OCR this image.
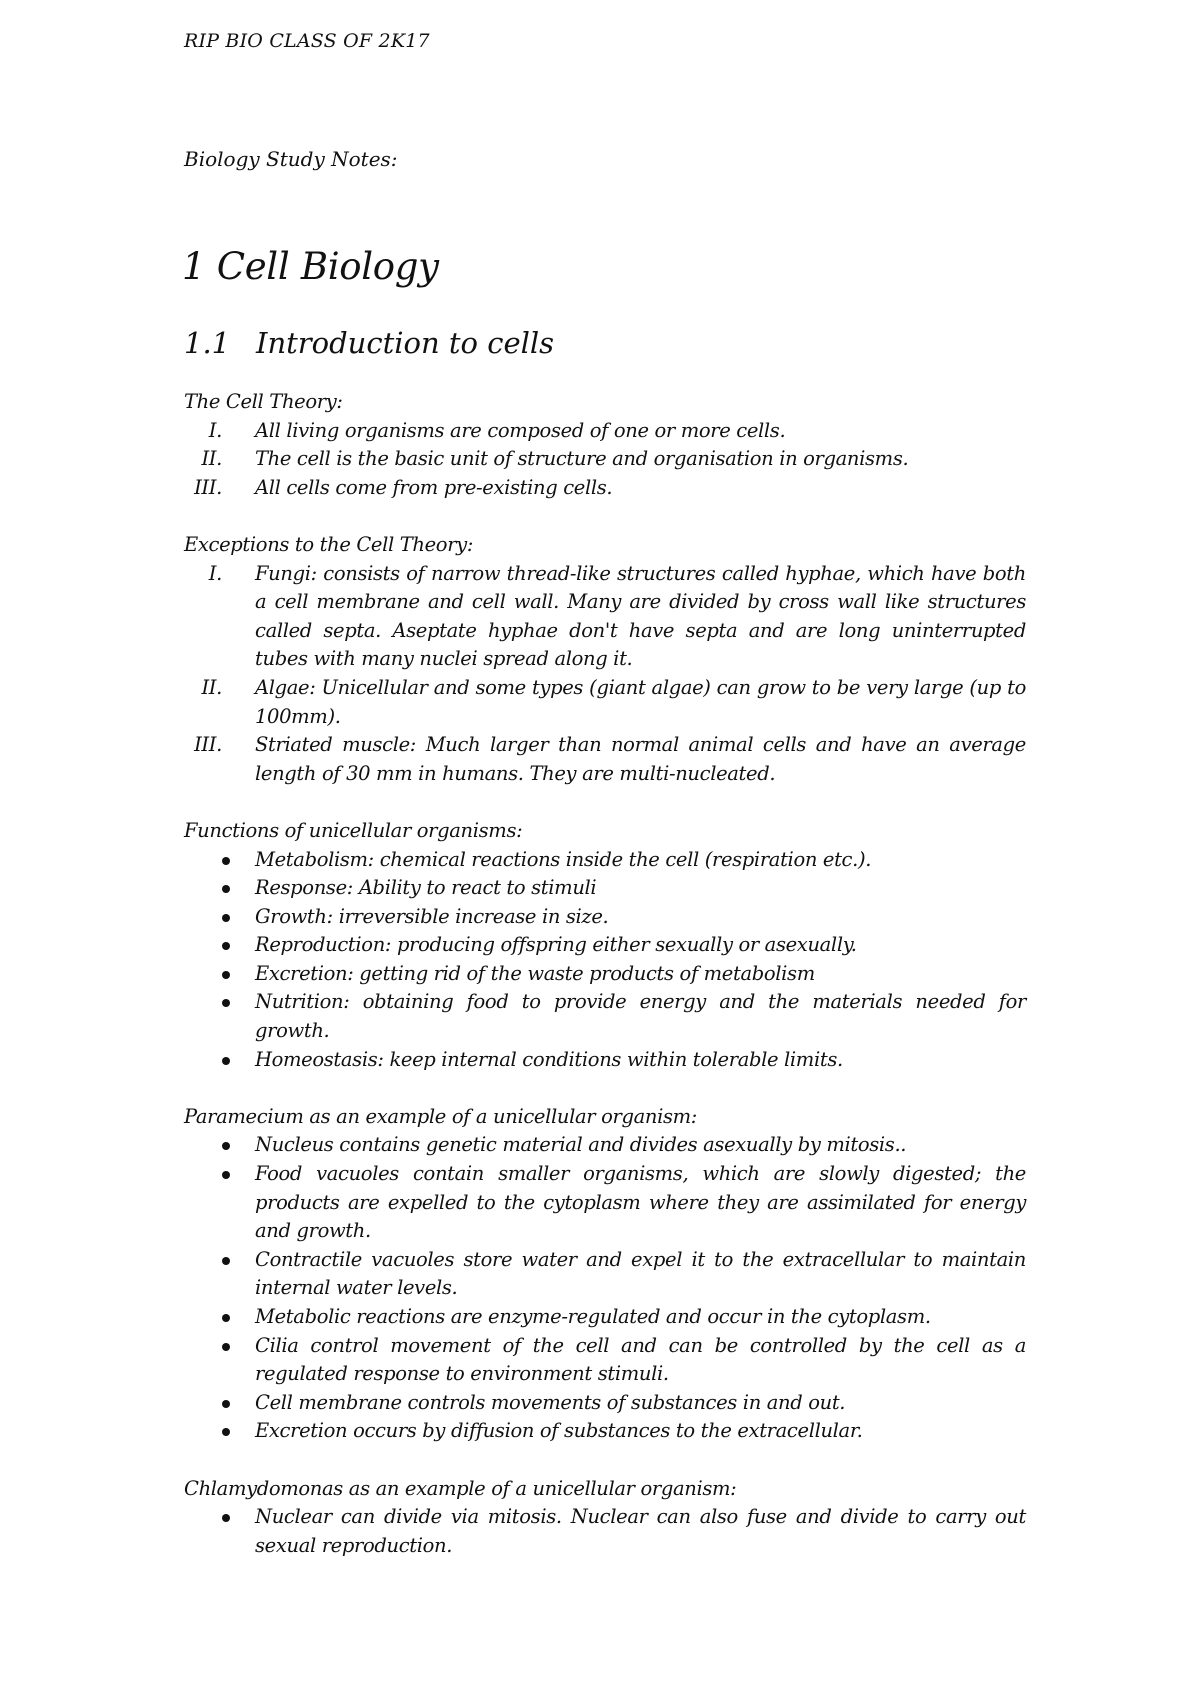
RIP BIO CLASS OF 2K17
Biology Study Notes:
1 Cell Biology
1.1 Introduction to cells
The Cell Theory:
I. All living organisms are composed of one or more cells.
II. The cell is the basic unit of structure and organisation in organisms.
III. All cells come from pre-existing cells.
Exceptions to the Cell Theory:
I. Fungi: consists of narrow thread-like structures called hyphae, which have both a cell membrane and cell wall. Many are divided by cross wall like structures called septa. Aseptate hyphae don't have septa and are long uninterrupted tubes with many nuclei spread along it.
II. Algae: Unicellular and some types (giant algae) can grow to be very large (up to 100mm).
III. Striated muscle: Much larger than normal animal cells and have an average length of 30 mm in humans. They are multi-nucleated.
Functions of unicellular organisms:
Metabolism: chemical reactions inside the cell (respiration etc.).
Response: Ability to react to stimuli
Growth: irreversible increase in size.
Reproduction: producing offspring either sexually or asexually.
Excretion: getting rid of the waste products of metabolism
Nutrition: obtaining food to provide energy and the materials needed for growth.
Homeostasis: keep internal conditions within tolerable limits.
Paramecium as an example of a unicellular organism:
Nucleus contains genetic material and divides asexually by mitosis..
Food vacuoles contain smaller organisms, which are slowly digested; the products are expelled to the cytoplasm where they are assimilated for energy and growth.
Contractile vacuoles store water and expel it to the extracellular to maintain internal water levels.
Metabolic reactions are enzyme-regulated and occur in the cytoplasm.
Cilia control movement of the cell and can be controlled by the cell as a regulated response to environment stimuli.
Cell membrane controls movements of substances in and out.
Excretion occurs by diffusion of substances to the extracellular.
Chlamydomonas as an example of a unicellular organism:
Nuclear can divide via mitosis. Nuclear can also fuse and divide to carry out sexual reproduction.
